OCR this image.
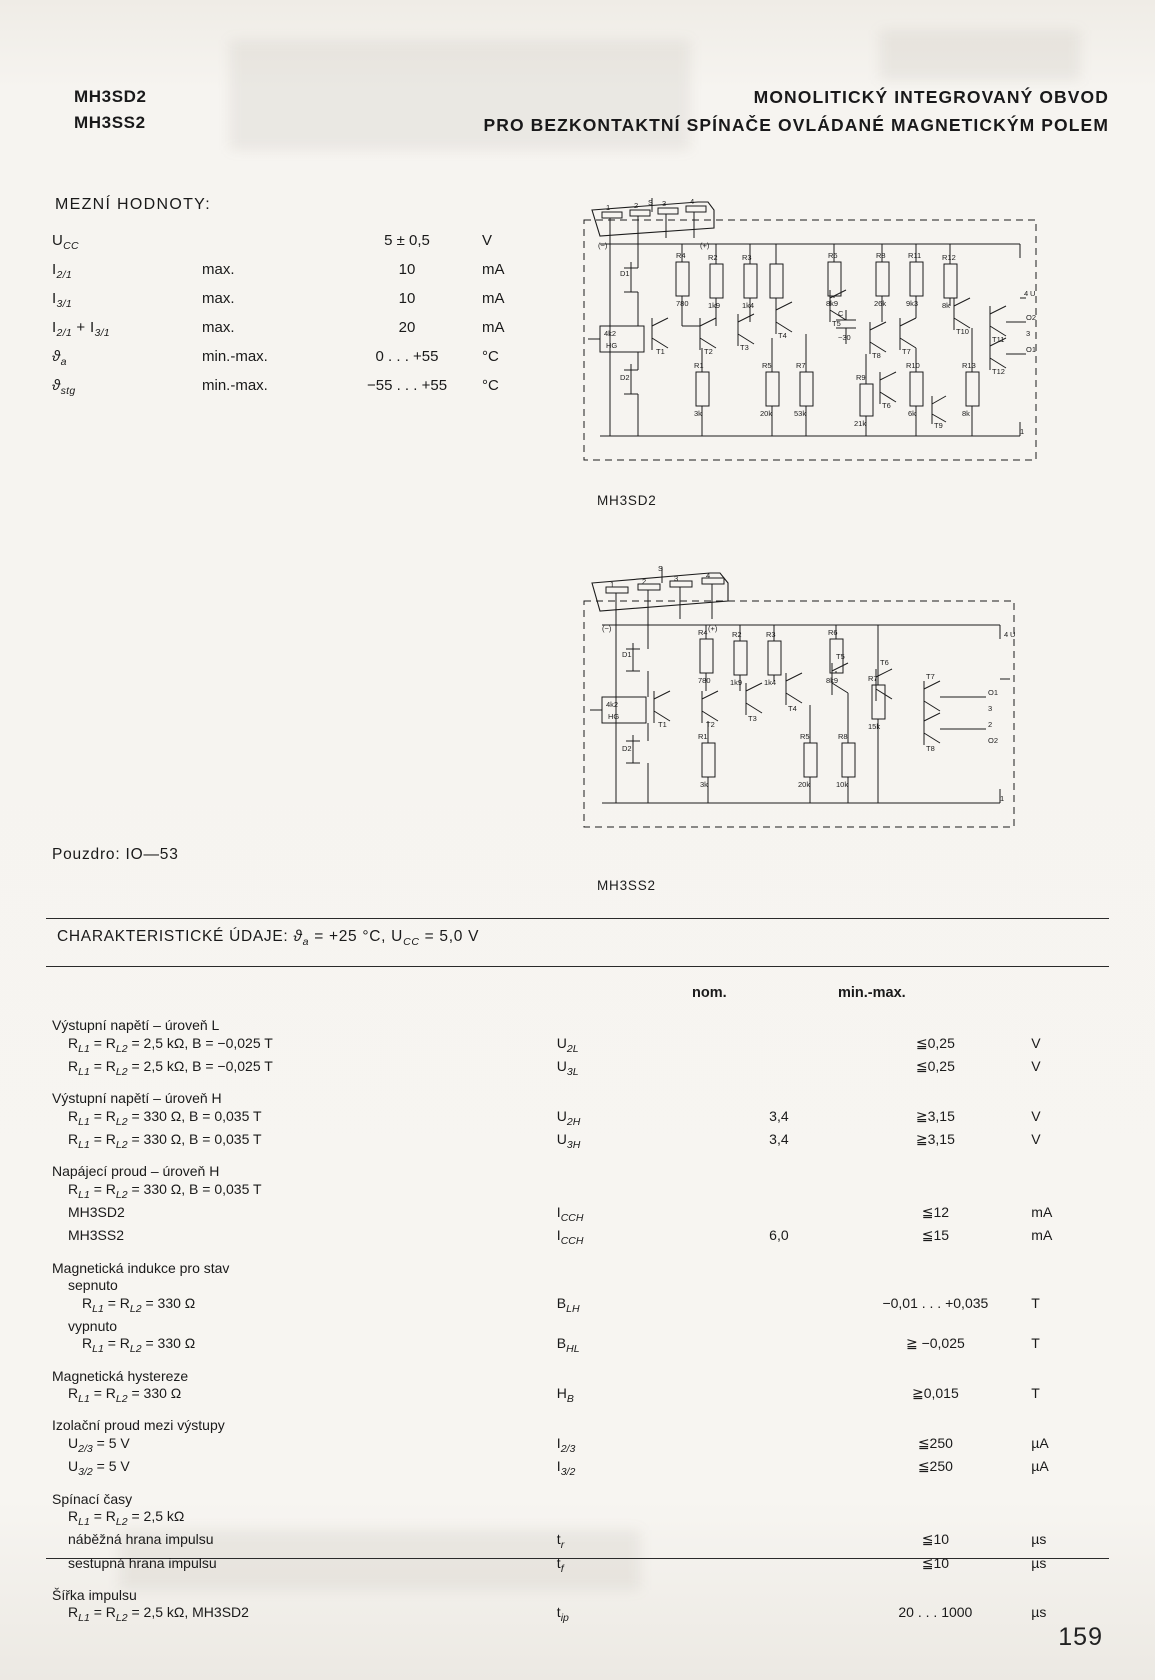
MH3SD2
MH3SS2
MONOLITICKÝ INTEGROVANÝ OBVOD
PRO BEZKONTAKTNÍ SPÍNAČE OVLÁDANÉ MAGNETICKÝM POLEM
MEZNÍ HODNOTY:
$U_{CC}$		5 ± 0,5	V
$I_{2/1}$	max.	10	mA
$I_{3/1}$	max.	10	mA
$I_{2/1} + I_{3/1}$	max.	20	mA
$ϑ_a$	min.-max.	0 . . . +55	°C
$ϑ_{stg}$	min.-max.	−55 . . . +55	°C
Pouzdro: IO—53
1	2	3	4
S
(−)	(+)
4k2
HG
D1
D2
R4
780
R2
1k9
R3
1k4
R6
8k9
R8
26k
R11
9k3
R12
8k
R1
3k
R5
20k
R7
53k
R9
21k
R10
6k
R13
8k
C
~30
T1	T2	T3
T4
T5
T8
T6
T7
T9
T10
T11
T12
4 U
O2
3
O1
1
MH3SD2
1	2	3	4
S
(−)	(+)
4k2
HG
D1
D2
R4
780
R2
1k9
R3
1k4
R6
8k9	R7
15k
R1
3k
R5
20k
R8
10k
T1	T2
T3
T4
T5
T6
T7
T8
4 U
O1
3
2
O2
1
MH3SS2
CHARAKTERISTICKÉ ÚDAJE: $ϑ_a = +25$ °C, $U_{CC} = 5,0$ V
nom.	min.-max.
Výstupní napětí – úroveň L				
$R_{L1} = R_{L2} = 2,5$ kΩ, B = −0,025 T	$U_{2L}$		≦0,25	V
$R_{L1} = R_{L2} = 2,5$ kΩ, B = −0,025 T	$U_{3L}$		≦0,25	V
Výstupní napětí – úroveň H				
$R_{L1} = R_{L2} = 330$ Ω, B = 0,035 T	$U_{2H}$	3,4	≧3,15	V
$R_{L1} = R_{L2} = 330$ Ω, B = 0,035 T	$U_{3H}$	3,4	≧3,15	V
Napájecí proud – úroveň H				
$R_{L1} = R_{L2} = 330$ Ω, B = 0,035 T				
MH3SD2	$I_{CCH}$		≦12	mA
MH3SS2	$I_{CCH}$	6,0	≦15	mA
Magnetická indukce pro stav				
sepnuto				
$R_{L1} = R_{L2} = 330$ Ω	$B_{LH}$		−0,01 . . . +0,035	T
vypnuto				
$R_{L1} = R_{L2} = 330$ Ω	$B_{HL}$		≧ −0,025	T
Magnetická hystereze				
$R_{L1} = R_{L2} = 330$ Ω	$H_B$		≧0,015	T
Izolační proud mezi výstupy				
$U_{2/3} = 5$ V	$I_{2/3}$		≦250	µA
$U_{3/2} = 5$ V	$I_{3/2}$		≦250	µA
Spínací časy				
$R_{L1} = R_{L2} = 2,5$ kΩ				
náběžná hrana impulsu	$t_r$		≦10	µs
sestupná hrana impulsu	$t_f$		≦10	µs
Šířka impulsu				
$R_{L1} = R_{L2} = 2,5$ kΩ, MH3SD2	$t_{ip}$		20 . . . 1000	µs
159
